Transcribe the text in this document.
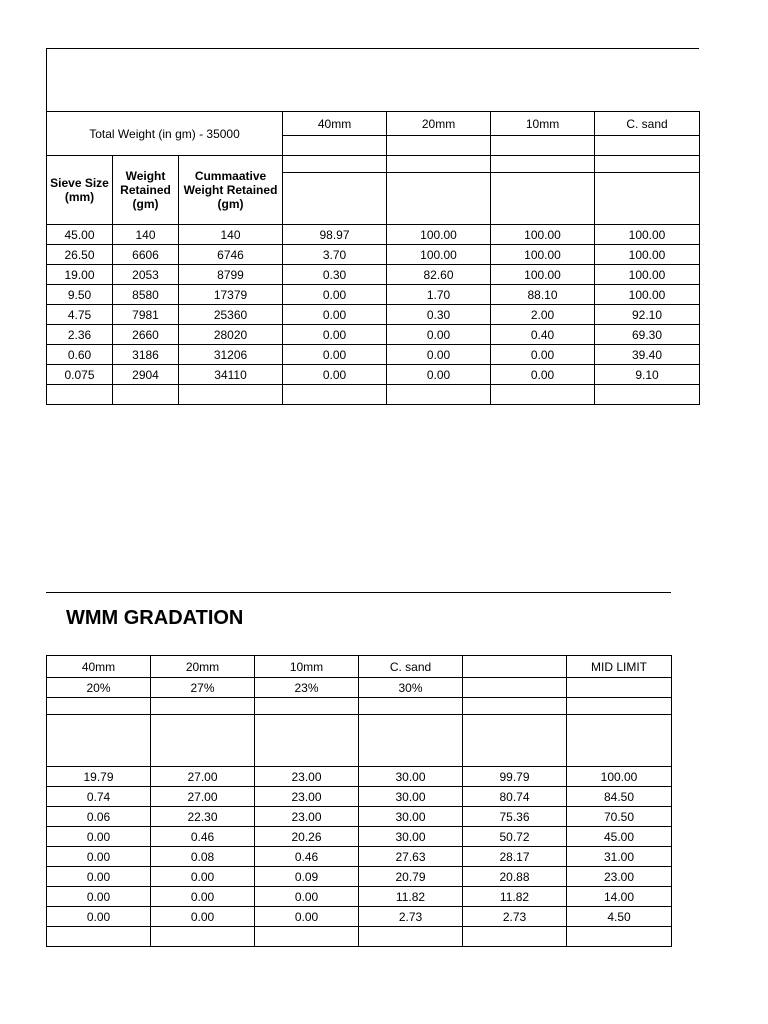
Total Weight (in gm) - 35000			40mm	20mm	10mm	C. sand

Sieve Size (mm)	Weight Retained (gm)	Cummaative Weight Retained (gm)				

45.00	140	140	98.97	100.00	100.00	100.00
26.50	6606	6746	3.70	100.00	100.00	100.00
19.00	2053	8799	0.30	82.60	100.00	100.00
9.50	8580	17379	0.00	1.70	88.10	100.00
4.75	7981	25360	0.00	0.30	2.00	92.10
2.36	2660	28020	0.00	0.00	0.40	69.30
0.60	3186	31206	0.00	0.00	0.00	39.40
0.075	2904	34110	0.00	0.00	0.00	9.10

WMM GRADATION
40mm	20mm	10mm	C. sand		MID LIMIT
20%	27%	23%	30%		

19.79	27.00	23.00	30.00	99.79	100.00
0.74	27.00	23.00	30.00	80.74	84.50
0.06	22.30	23.00	30.00	75.36	70.50
0.00	0.46	20.26	30.00	50.72	45.00
0.00	0.08	0.46	27.63	28.17	31.00
0.00	0.00	0.09	20.79	20.88	23.00
0.00	0.00	0.00	11.82	11.82	14.00
0.00	0.00	0.00	2.73	2.73	4.50
